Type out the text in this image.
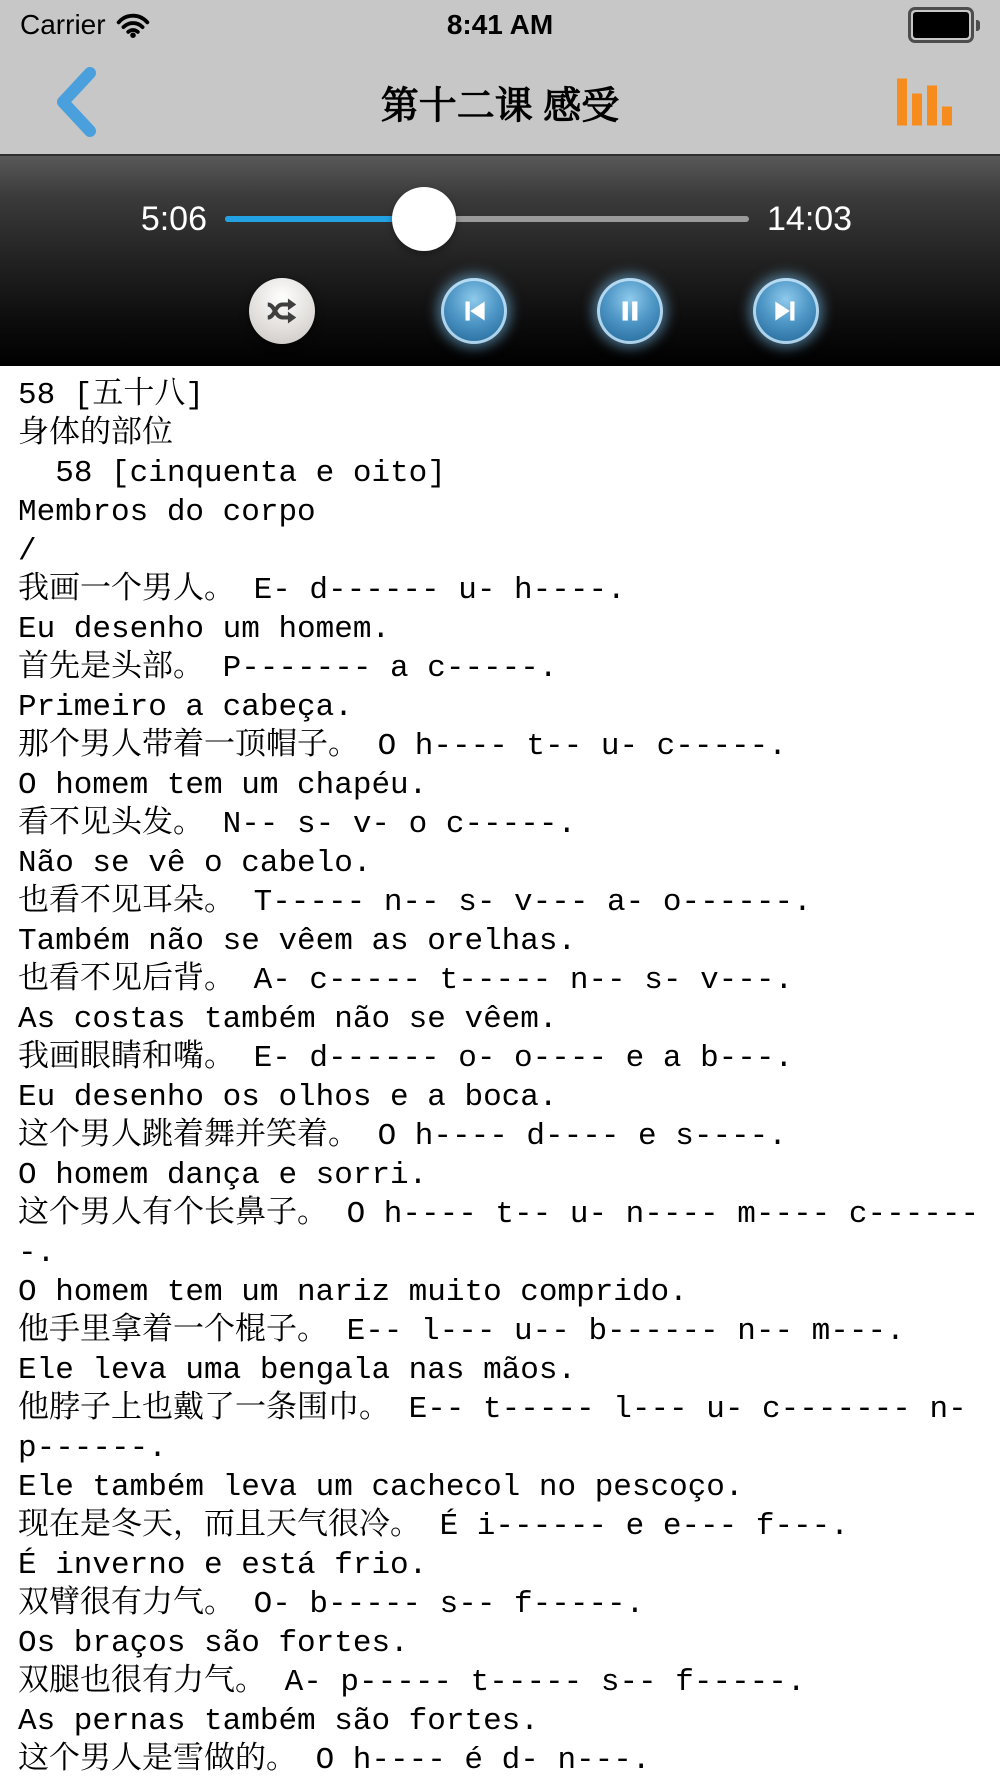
Carrier	8:41 AM
第十二课 感受
5:06	14:03

58 [五十八]

身体的部位

58 [cinquenta e oito]

Membros do corpo

/

我画一个男人。 E- d------ u- h----.

Eu desenho um homem.

首先是头部。 P------- a c-----.

Primeiro a cabeça.

那个男人带着一顶帽子。 O h---- t-- u- c-----.

O homem tem um chapéu.

看不见头发。 N-- s- v- o c-----.

Não se vê o cabelo.

也看不见耳朵。 T----- n-- s- v--- a- o------.

Também não se vêem as orelhas.

也看不见后背。 A- c----- t----- n-- s- v---.

As costas também não se vêem.

我画眼睛和嘴。 E- d------ o- o---- e a b---.

Eu desenho os olhos e a boca.

这个男人跳着舞并笑着。 O h---- d---- e s----.

O homem dança e sorri.

这个男人有个长鼻子。 O h---- t-- u- n---- m---- c-------.

O homem tem um nariz muito comprido.

他手里拿着一个棍子。 E-- l--- u-- b------ n-- m---.

Ele leva uma bengala nas mãos.

他脖子上也戴了一条围巾。 E-- t----- l--- u- c------- n- p------.

Ele também leva um cachecol no pescoço.

现在是冬天，而且天气很冷。 É i------ e e--- f---.

É inverno e está frio.

双臂很有力气。 O- b----- s-- f-----.

Os braços são fortes.

双腿也很有力气。 A- p----- t----- s-- f-----.

As pernas também são fortes.

这个男人是雪做的。 O h---- é d- n---.
